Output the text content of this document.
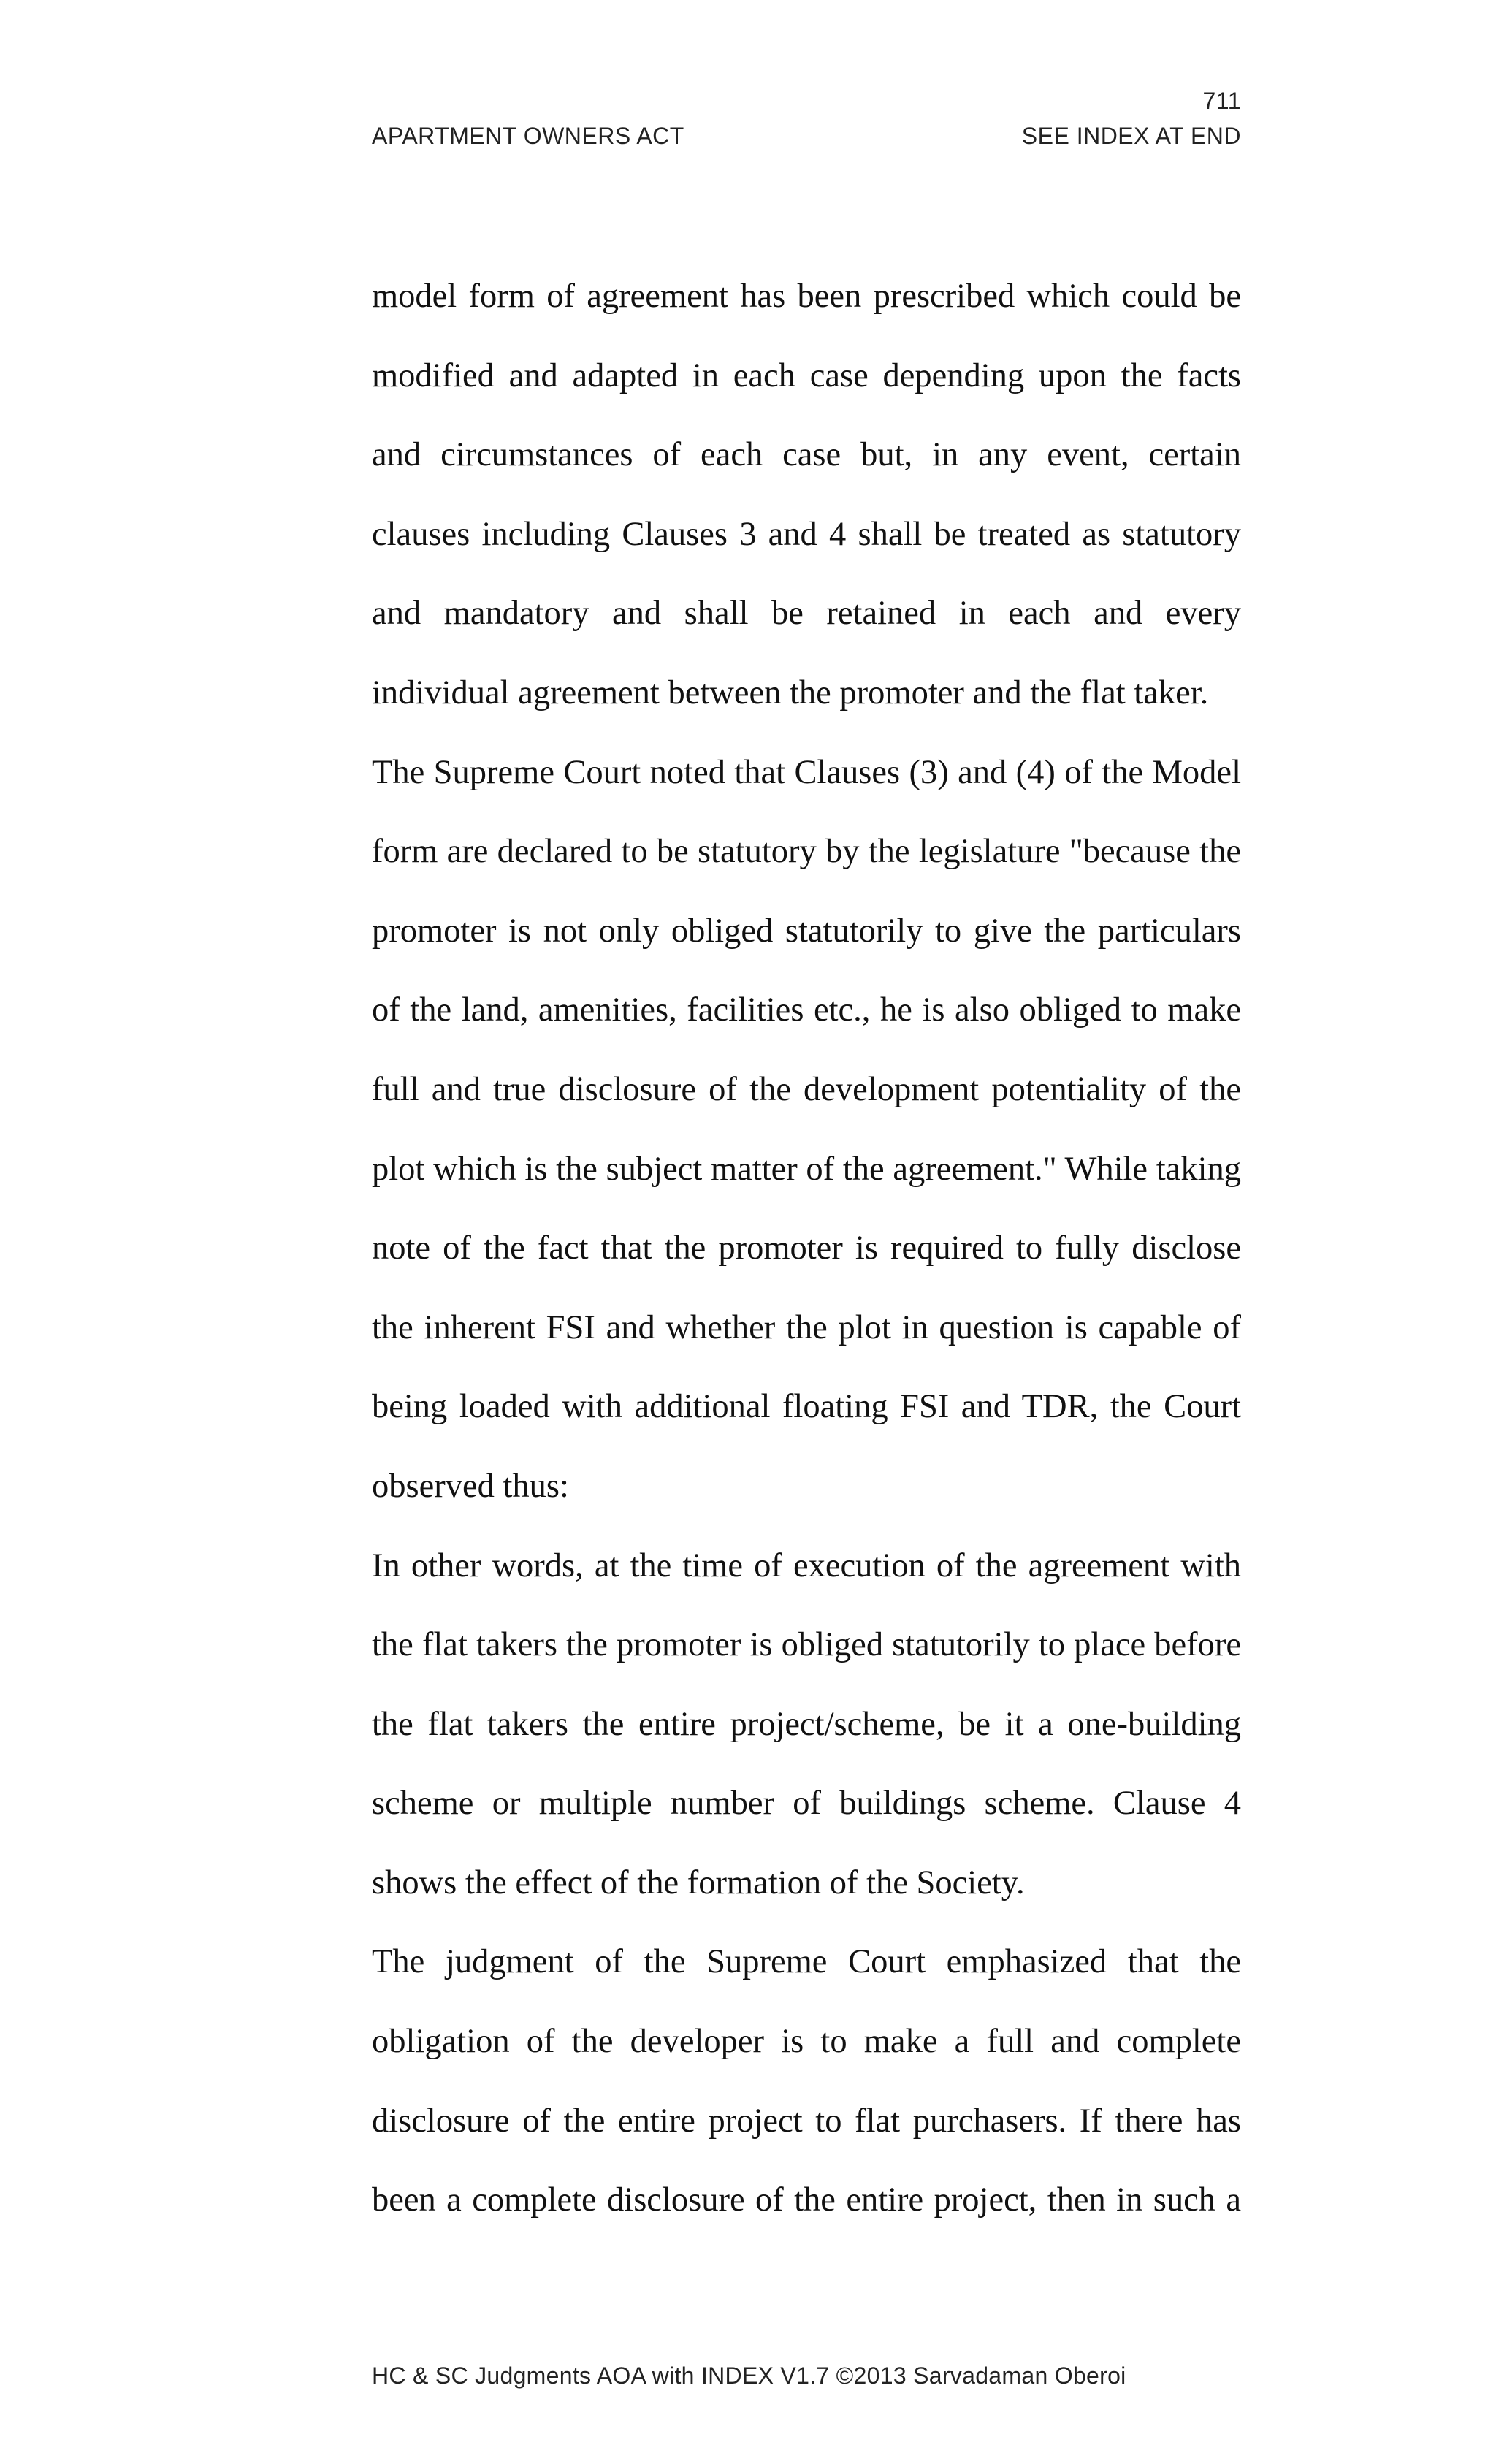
711
APARTMENT OWNERS ACT	SEE INDEX AT END

model form of agreement has been prescribed which could be modified and adapted in each case depending upon the facts and circumstances of each case but, in any event, certain clauses including Clauses 3 and 4 shall be treated as statutory and mandatory and shall be retained in each and every individual agreement between the promoter and the flat taker.

The Supreme Court noted that Clauses (3) and (4) of the Model form are declared to be statutory by the legislature "because the promoter is not only obliged statutorily to give the particulars of the land, amenities, facilities etc., he is also obliged to make full and true disclosure of the development potentiality of the plot which is the subject matter of the agreement." While taking note of the fact that the promoter is required to fully disclose the inherent FSI and whether the plot in question is capable of being loaded with additional floating FSI and TDR, the Court observed thus:

In other words, at the time of execution of the agreement with the flat takers the promoter is obliged statutorily to place before the flat takers the entire project/scheme, be it a one-building scheme or multiple number of buildings scheme. Clause 4 shows the effect of the formation of the Society.

The judgment of the Supreme Court emphasized that the obligation of the developer is to make a full and complete disclosure of the entire project to flat purchasers. If there has been a complete disclosure of the entire project, then in such a

HC & SC Judgments AOA with INDEX V1.7 ©2013 Sarvadaman Oberoi
